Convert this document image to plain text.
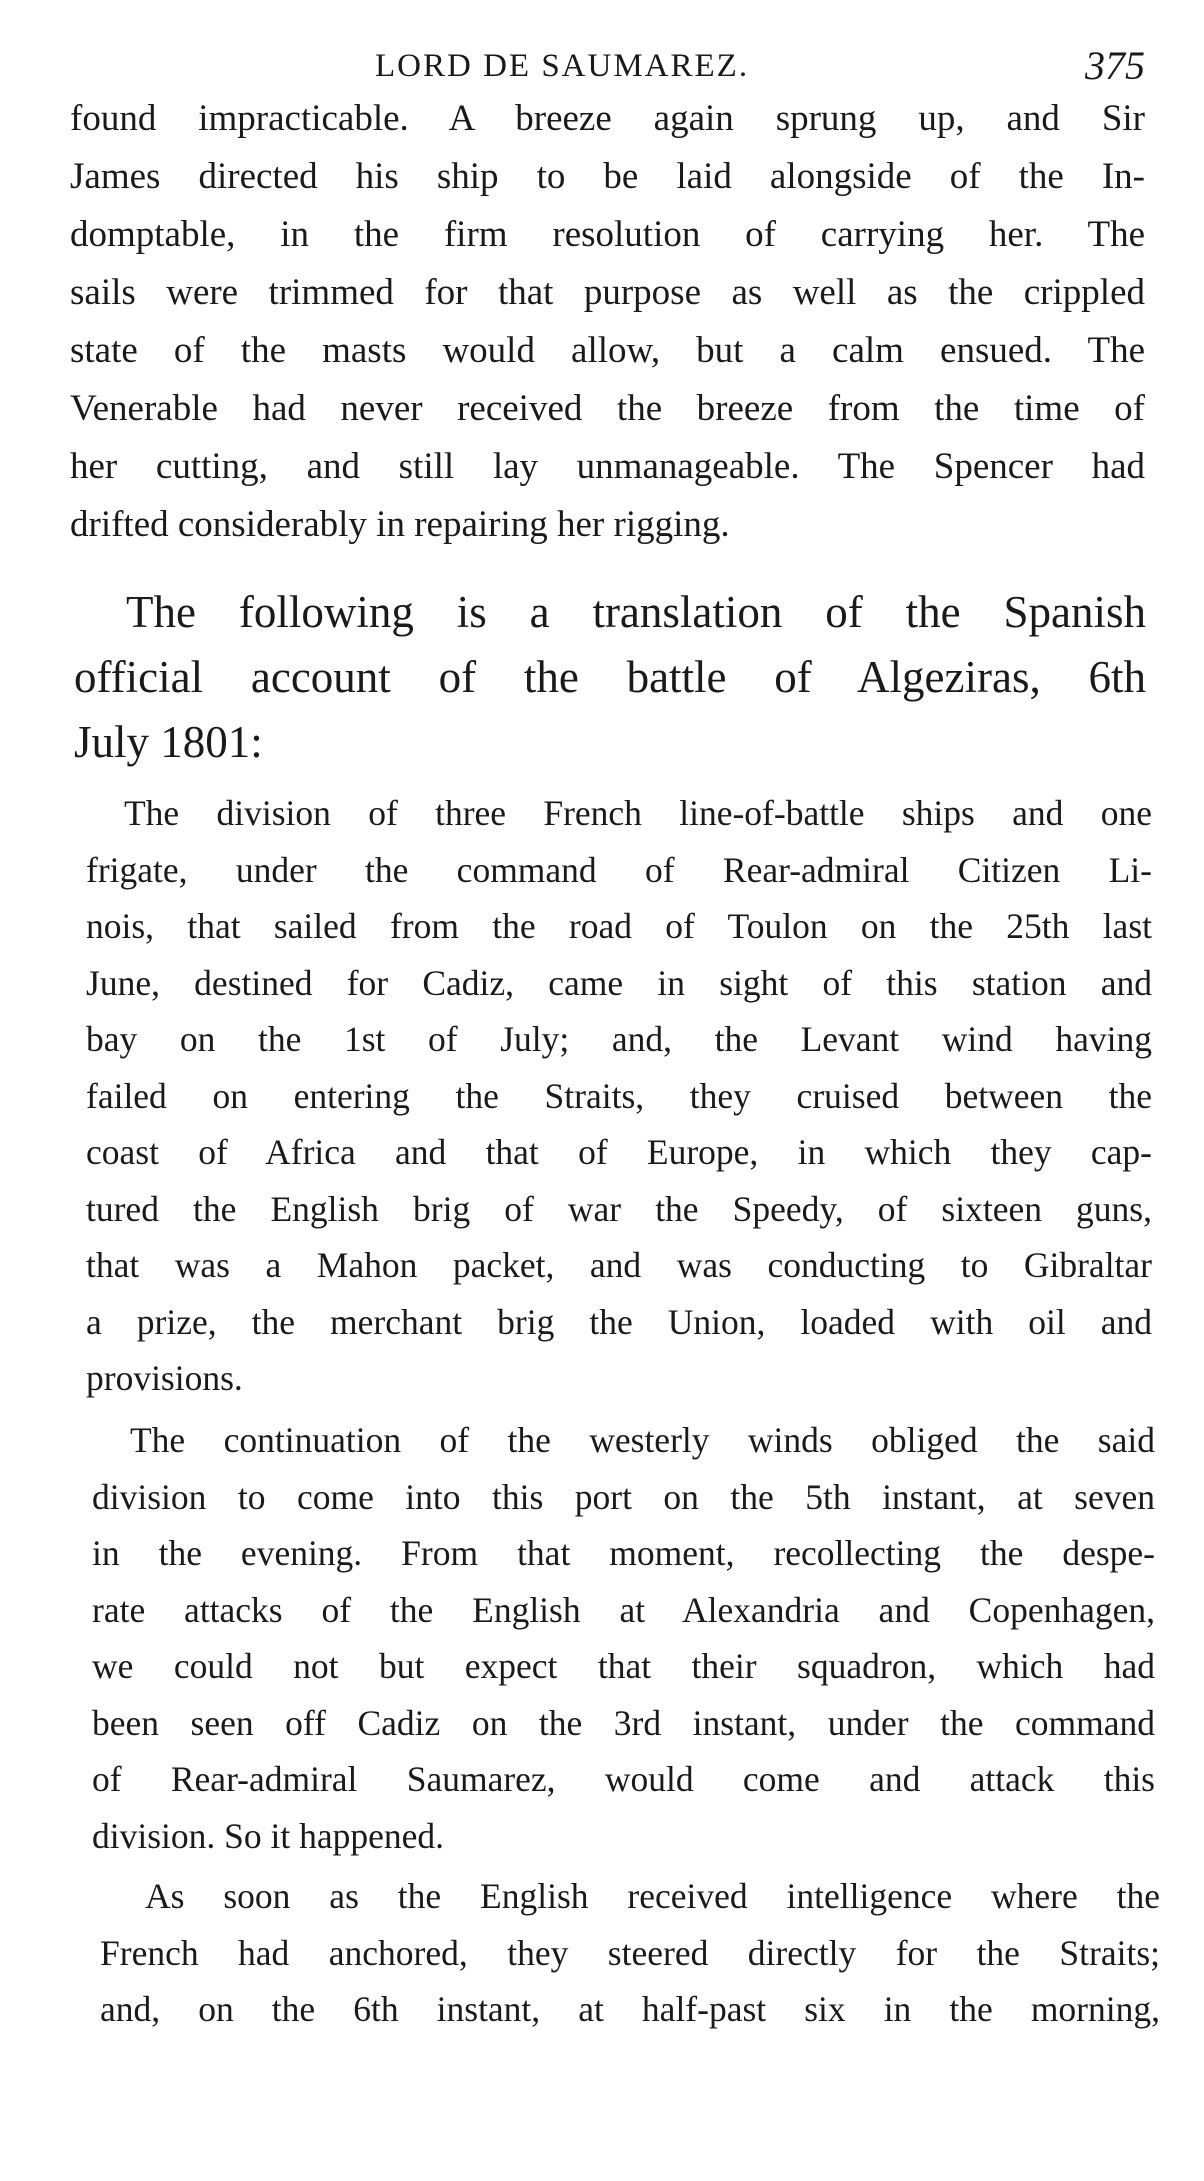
LORD DE SAUMAREZ.	375
found impracticable. A breeze again sprung up, and Sir
James directed his ship to be laid alongside of the In-
domptable, in the firm resolution of carrying her. The
sails were trimmed for that purpose as well as the crippled
state of the masts would allow, but a calm ensued. The
Venerable had never received the breeze from the time of
her cutting, and still lay unmanageable. The Spencer had
drifted considerably in repairing her rigging.
The following is a translation of the Spanish
official account of the battle of Algeziras, 6th
July 1801:
The division of three French line-of-battle ships and one
frigate, under the command of Rear-admiral Citizen Li-
nois, that sailed from the road of Toulon on the 25th last
June, destined for Cadiz, came in sight of this station and
bay on the 1st of July; and, the Levant wind having
failed on entering the Straits, they cruised between the
coast of Africa and that of Europe, in which they cap-
tured the English brig of war the Speedy, of sixteen guns,
that was a Mahon packet, and was conducting to Gibraltar
a prize, the merchant brig the Union, loaded with oil and
provisions.
The continuation of the westerly winds obliged the said
division to come into this port on the 5th instant, at seven
in the evening. From that moment, recollecting the despe-
rate attacks of the English at Alexandria and Copenhagen,
we could not but expect that their squadron, which had
been seen off Cadiz on the 3rd instant, under the command
of Rear-admiral Saumarez, would come and attack this
division. So it happened.
As soon as the English received intelligence where the
French had anchored, they steered directly for the Straits;
and, on the 6th instant, at half-past six in the morning,
